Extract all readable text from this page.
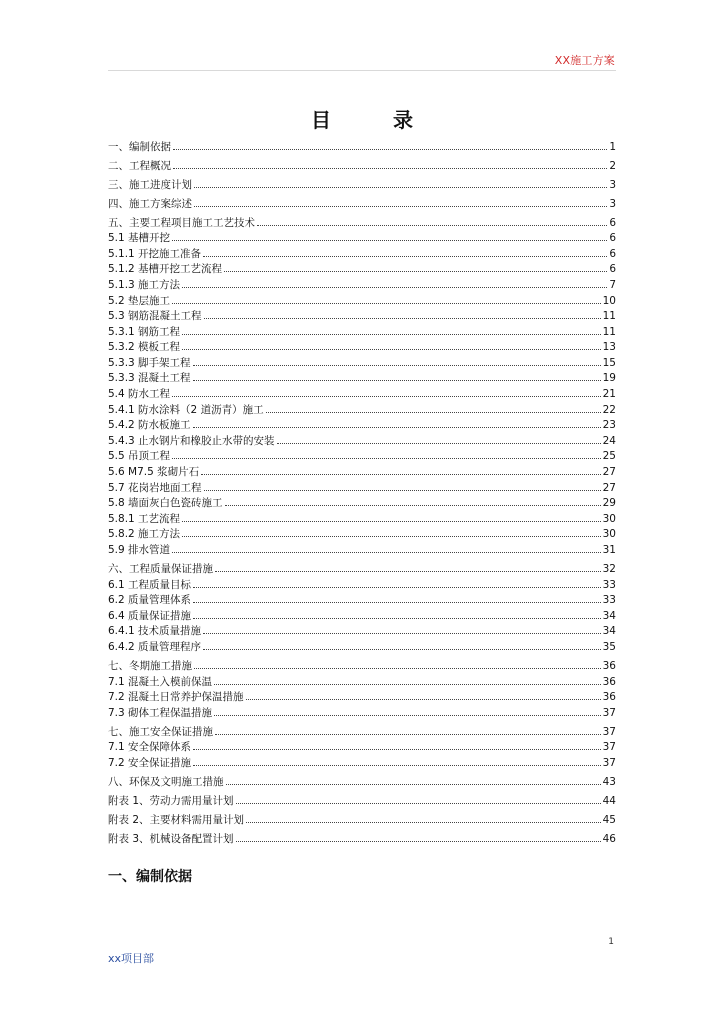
XX施工方案
目录
一、编制依据	1
二、工程概况	2
三、施工进度计划	3
四、施工方案综述	3
五、主要工程项目施工工艺技术	6
5.1 基槽开挖	6
5.1.1 开挖施工准备	6
5.1.2 基槽开挖工艺流程	6
5.1.3 施工方法	7
5.2 垫层施工	10
5.3 钢筋混凝土工程	11
5.3.1 钢筋工程	11
5.3.2 模板工程	13
5.3.3 脚手架工程	15
5.3.3 混凝土工程	19
5.4 防水工程	21
5.4.1 防水涂料（2 道沥青）施工	22
5.4.2 防水板施工	23
5.4.3 止水钢片和橡胶止水带的安装	24
5.5 吊顶工程	25
5.6 M7.5 浆砌片石	27
5.7 花岗岩地面工程	27
5.8 墙面灰白色瓷砖施工	29
5.8.1 工艺流程	30
5.8.2 施工方法	30
5.9 排水管道	31
六、工程质量保证措施	32
6.1 工程质量目标	33
6.2 质量管理体系	33
6.4 质量保证措施	34
6.4.1 技术质量措施	34
6.4.2 质量管理程序	35
七、冬期施工措施	36
7.1 混凝土入模前保温	36
7.2 混凝土日常养护保温措施	36
7.3 砌体工程保温措施	37
七、施工安全保证措施	37
7.1 安全保障体系	37
7.2 安全保证措施	37
八、环保及文明施工措施	43
附表 1、劳动力需用量计划	44
附表 2、主要材料需用量计划	45
附表 3、机械设备配置计划	46
一、编制依据
1
xx项目部
